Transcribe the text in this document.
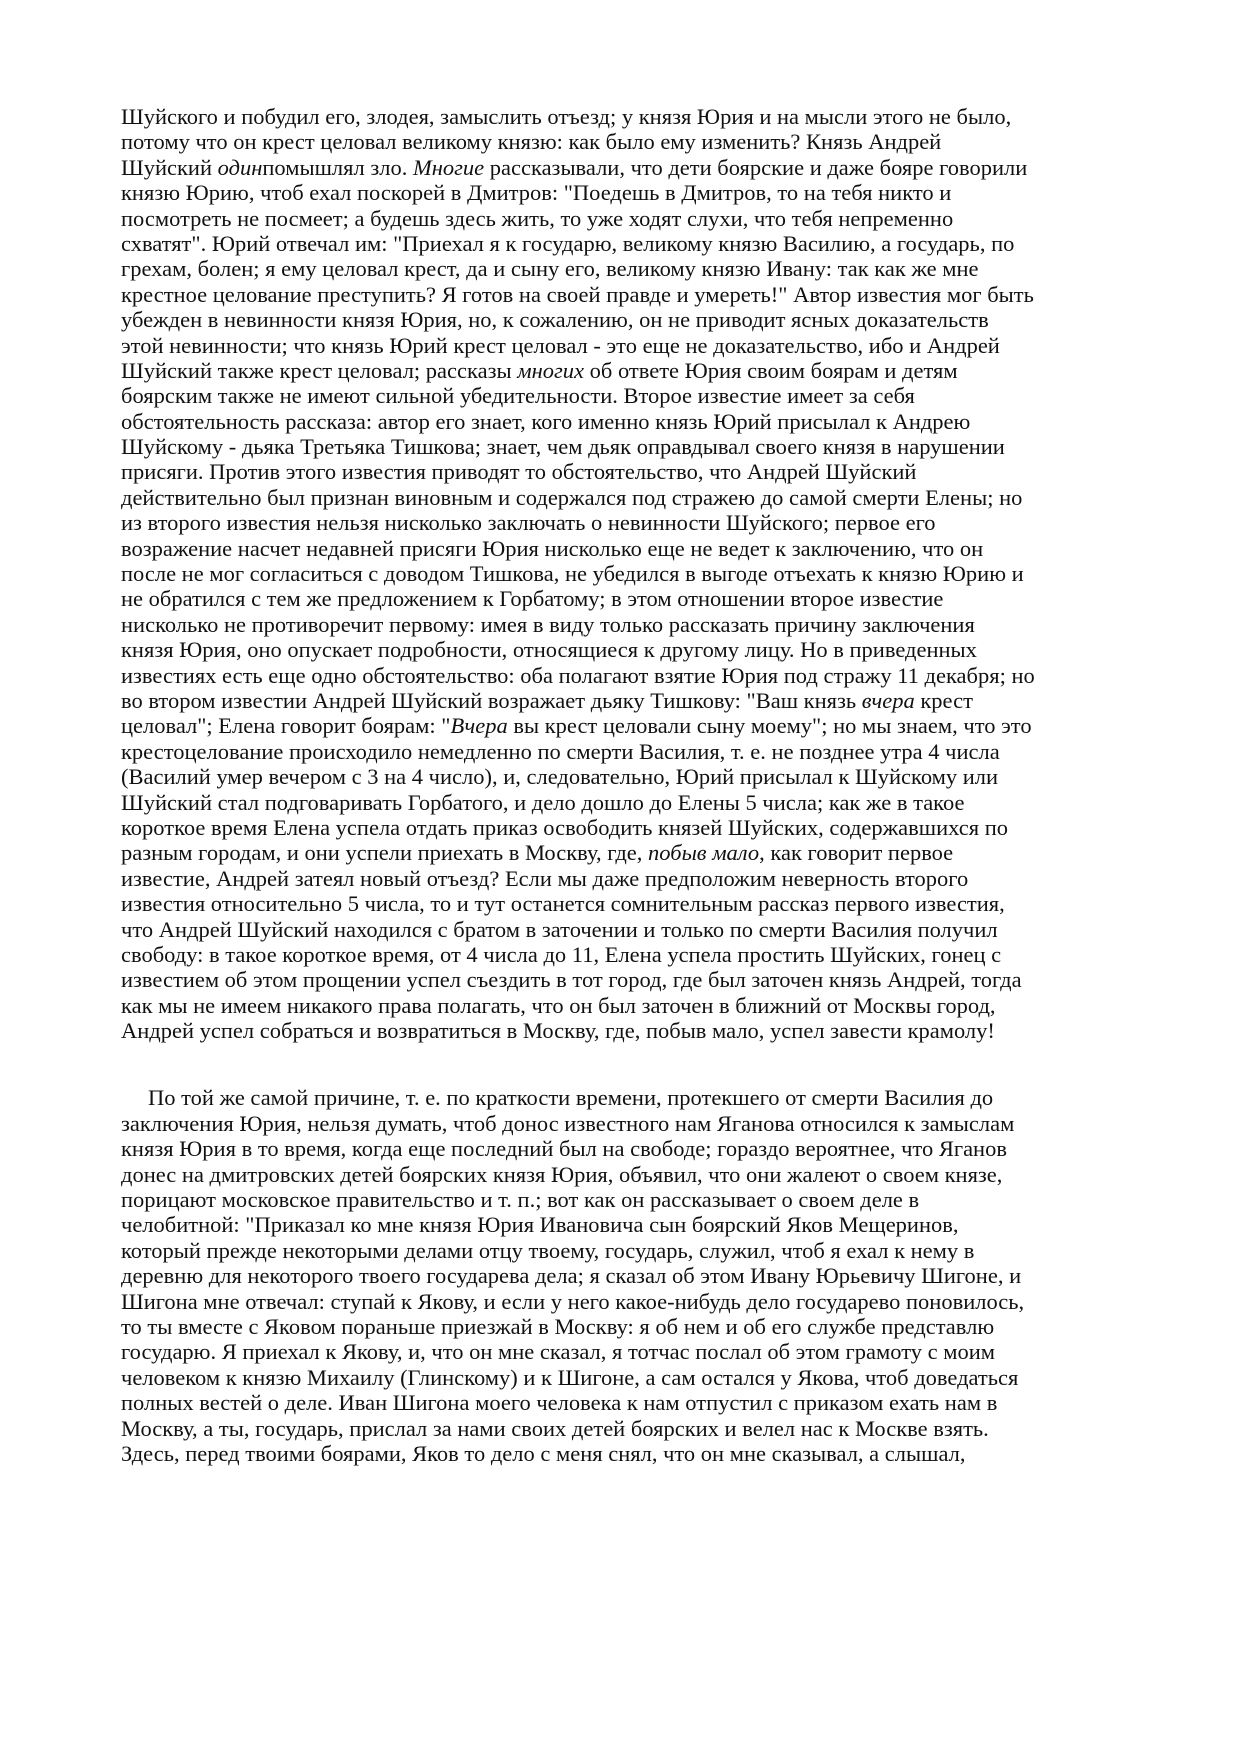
Шуйского и побудил его, злодея, замыслить отъезд; у князя Юрия и на мысли этого не было,
потому что он крест целовал великому князю: как было ему изменить? Князь Андрей
Шуйский одинпомышлял зло. Многие рассказывали, что дети боярские и даже бояре говорили
князю Юрию, чтоб ехал поскорей в Дмитров: "Поедешь в Дмитров, то на тебя никто и
посмотреть не посмеет; а будешь здесь жить, то уже ходят слухи, что тебя непременно
схватят". Юрий отвечал им: "Приехал я к государю, великому князю Василию, а государь, по
грехам, болен; я ему целовал крест, да и сыну его, великому князю Ивану: так как же мне
крестное целование преступить? Я готов на своей правде и умереть!" Автор известия мог быть
убежден в невинности князя Юрия, но, к сожалению, он не приводит ясных доказательств
этой невинности; что князь Юрий крест целовал - это еще не доказательство, ибо и Андрей
Шуйский также крест целовал; рассказы многих об ответе Юрия своим боярам и детям
боярским также не имеют сильной убедительности. Второе известие имеет за себя
обстоятельность рассказа: автор его знает, кого именно князь Юрий присылал к Андрею
Шуйскому - дьяка Третьяка Тишкова; знает, чем дьяк оправдывал своего князя в нарушении
присяги. Против этого известия приводят то обстоятельство, что Андрей Шуйский
действительно был признан виновным и содержался под стражею до самой смерти Елены; но
из второго известия нельзя нисколько заключать о невинности Шуйского; первое его
возражение насчет недавней присяги Юрия нисколько еще не ведет к заключению, что он
после не мог согласиться с доводом Тишкова, не убедился в выгоде отъехать к князю Юрию и
не обратился с тем же предложением к Горбатому; в этом отношении второе известие
нисколько не противоречит первому: имея в виду только рассказать причину заключения
князя Юрия, оно опускает подробности, относящиеся к другому лицу. Но в приведенных
известиях есть еще одно обстоятельство: оба полагают взятие Юрия под стражу 11 декабря; но
во втором известии Андрей Шуйский возражает дьяку Тишкову: "Ваш князь вчера крест
целовал"; Елена говорит боярам: "Вчера вы крест целовали сыну моему"; но мы знаем, что это
крестоцелование происходило немедленно по смерти Василия, т. е. не позднее утра 4 числа
(Василий умер вечером с 3 на 4 число), и, следовательно, Юрий присылал к Шуйскому или
Шуйский стал подговаривать Горбатого, и дело дошло до Елены 5 числа; как же в такое
короткое время Елена успела отдать приказ освободить князей Шуйских, содержавшихся по
разным городам, и они успели приехать в Москву, где, побыв мало, как говорит первое
известие, Андрей затеял новый отъезд? Если мы даже предположим неверность второго
известия относительно 5 числа, то и тут останется сомнительным рассказ первого известия,
что Андрей Шуйский находился с братом в заточении и только по смерти Василия получил
свободу: в такое короткое время, от 4 числа до 11, Елена успела простить Шуйских, гонец с
известием об этом прощении успел съездить в тот город, где был заточен князь Андрей, тогда
как мы не имеем никакого права полагать, что он был заточен в ближний от Москвы город,
Андрей успел собраться и возвратиться в Москву, где, побыв мало, успел завести крамолу!
По той же самой причине, т. е. по краткости времени, протекшего от смерти Василия до
заключения Юрия, нельзя думать, чтоб донос известного нам Яганова относился к замыслам
князя Юрия в то время, когда еще последний был на свободе; гораздо вероятнее, что Яганов
донес на дмитровских детей боярских князя Юрия, объявил, что они жалеют о своем князе,
порицают московское правительство и т. п.; вот как он рассказывает о своем деле в
челобитной: "Приказал ко мне князя Юрия Ивановича сын боярский Яков Мещеринов,
который прежде некоторыми делами отцу твоему, государь, служил, чтоб я ехал к нему в
деревню для некоторого твоего государева дела; я сказал об этом Ивану Юрьевичу Шигоне, и
Шигона мне отвечал: ступай к Якову, и если у него какое-нибудь дело государево поновилось,
то ты вместе с Яковом пораньше приезжай в Москву: я об нем и об его службе представлю
государю. Я приехал к Якову, и, что он мне сказал, я тотчас послал об этом грамоту с моим
человеком к князю Михаилу (Глинскому) и к Шигоне, а сам остался у Якова, чтоб доведаться
полных вестей о деле. Иван Шигона моего человека к нам отпустил с приказом ехать нам в
Москву, а ты, государь, прислал за нами своих детей боярских и велел нас к Москве взять.
Здесь, перед твоими боярами, Яков то дело с меня снял, что он мне сказывал, а слышал,
